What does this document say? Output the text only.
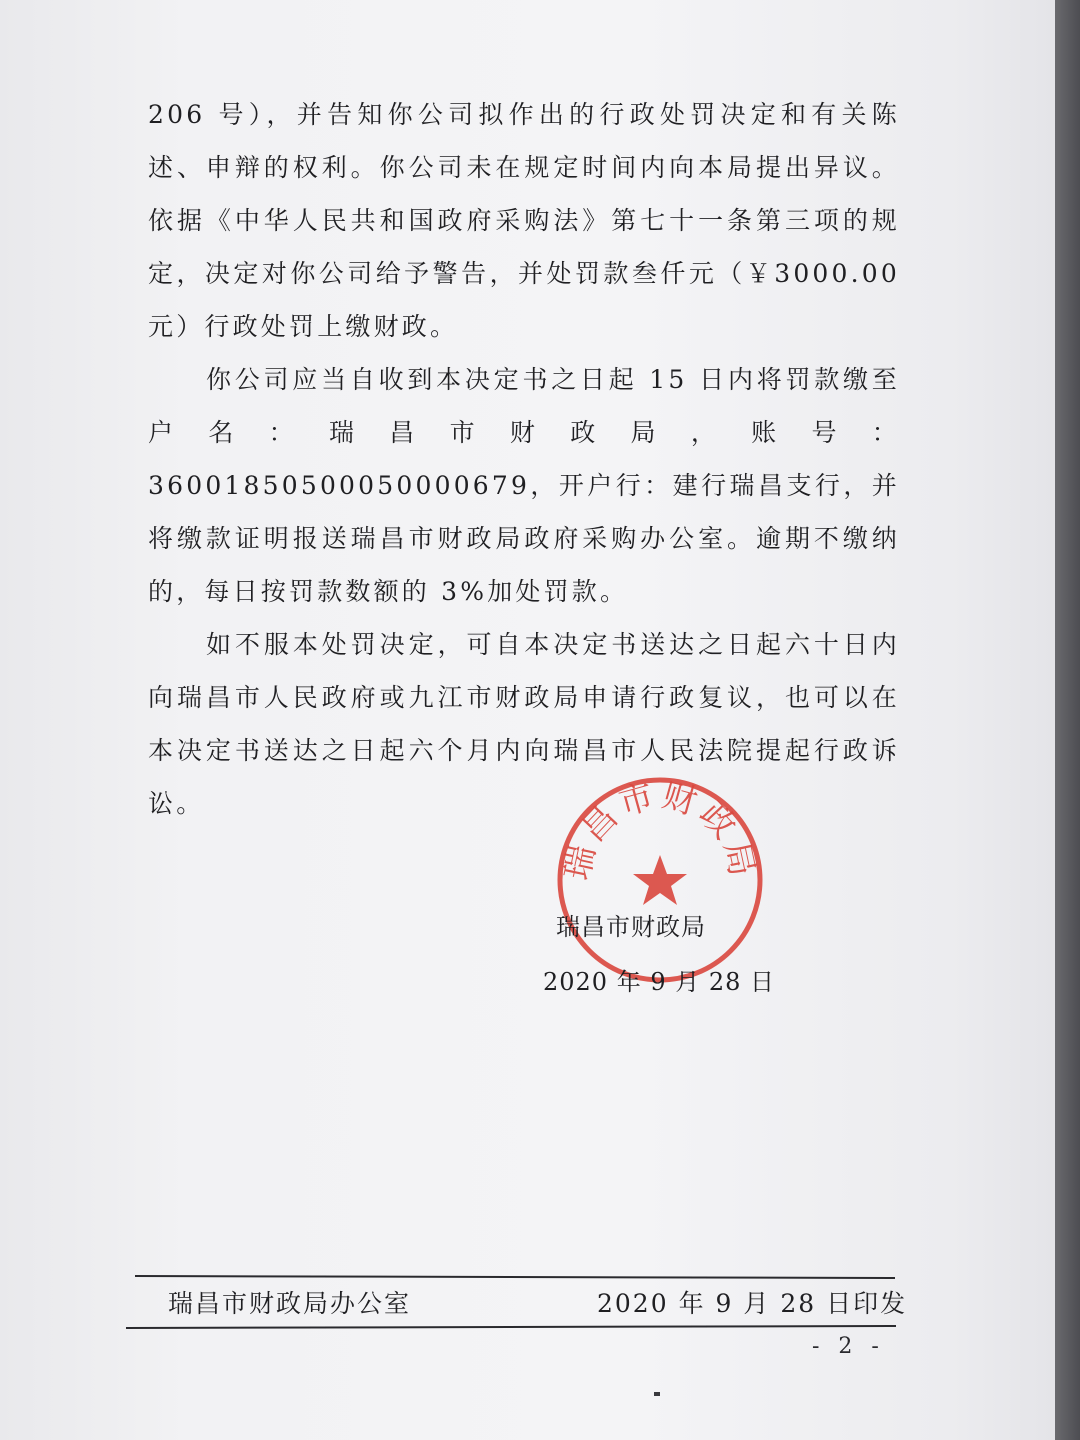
206 号），并告知你公司拟作出的行政处罚决定和有关陈述、申辩的权利。你公司未在规定时间内向本局提出异议。依据《中华人民共和国政府采购法》第七十一条第三项的规定，决定对你公司给予警告，并处罚款叁仟元（￥3000.00 元）行政处罚上缴财政。

你公司应当自收到本决定书之日起 15 日内将罚款缴至户名：瑞昌市财政局，账号：36001850500050000679，开户行：建行瑞昌支行，并将缴款证明报送瑞昌市财政局政府采购办公室。逾期不缴纳的，每日按罚款数额的 3%加处罚款。

如不服本处罚决定，可自本决定书送达之日起六十日内向瑞昌市人民政府或九江市财政局申请行政复议，也可以在本决定书送达之日起六个月内向瑞昌市人民法院提起行政诉讼。

瑞昌市财政局
瑞昌市财政局
2020 年 9 月 28 日
瑞昌市财政局办公室	2020 年 9 月 28 日印发
- 2 -
